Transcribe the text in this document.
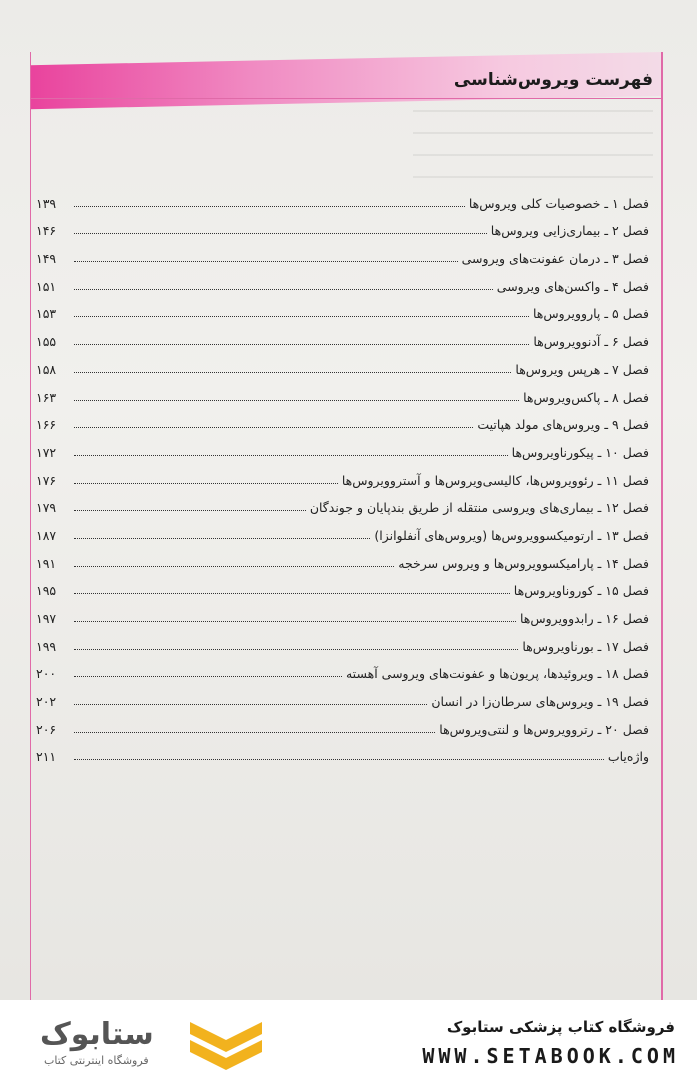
فهرست ویروس‌شناسی
فصل ۱ ـ خصوصیات کلی ویروس‌ها
۱۳۹
فصل ۲ ـ بیماری‌زایی ویروس‌ها
۱۴۶
فصل ۳ ـ درمان عفونت‌های ویروسی
۱۴۹
فصل ۴ ـ واکسن‌های ویروسی
۱۵۱
فصل ۵ ـ پاروویروس‌ها
۱۵۳
فصل ۶ ـ آدنوویروس‌ها
۱۵۵
فصل ۷ ـ هرپس ویروس‌ها
۱۵۸
فصل ۸ ـ پاکس‌ویروس‌ها
۱۶۳
فصل ۹ ـ ویروس‌های مولد هپاتیت
۱۶۶
فصل ۱۰ ـ پیکورناویروس‌ها
۱۷۲
فصل ۱۱ ـ رئوویروس‌ها، کالیسی‌ویروس‌ها و آستروویروس‌ها
۱۷۶
فصل ۱۲ ـ بیماری‌های ویروسی منتقله از طریق بندپایان و جوندگان
۱۷۹
فصل ۱۳ ـ ارتومیکسوویروس‌ها (ویروس‌های آنفلوانزا)
۱۸۷
فصل ۱۴ ـ پارامیکسوویروس‌ها و ویروس سرخجه
۱۹۱
فصل ۱۵ ـ کوروناویروس‌ها
۱۹۵
فصل ۱۶ ـ رابدوویروس‌ها
۱۹۷
فصل ۱۷ ـ بورناویروس‌ها
۱۹۹
فصل ۱۸ ـ ویروئیدها، پریون‌ها و عفونت‌های ویروسی آهسته
۲۰۰
فصل ۱۹ ـ ویروس‌های سرطان‌زا در انسان
۲۰۲
فصل ۲۰ ـ رتروویروس‌ها و لنتی‌ویروس‌ها
۲۰۶
واژه‌یاب
۲۱۱
فروشگاه کتاب پزشکی ستابوک
WWW.SETABOOK.COM
ستابوک
فروشگاه اینترنتی کتاب
